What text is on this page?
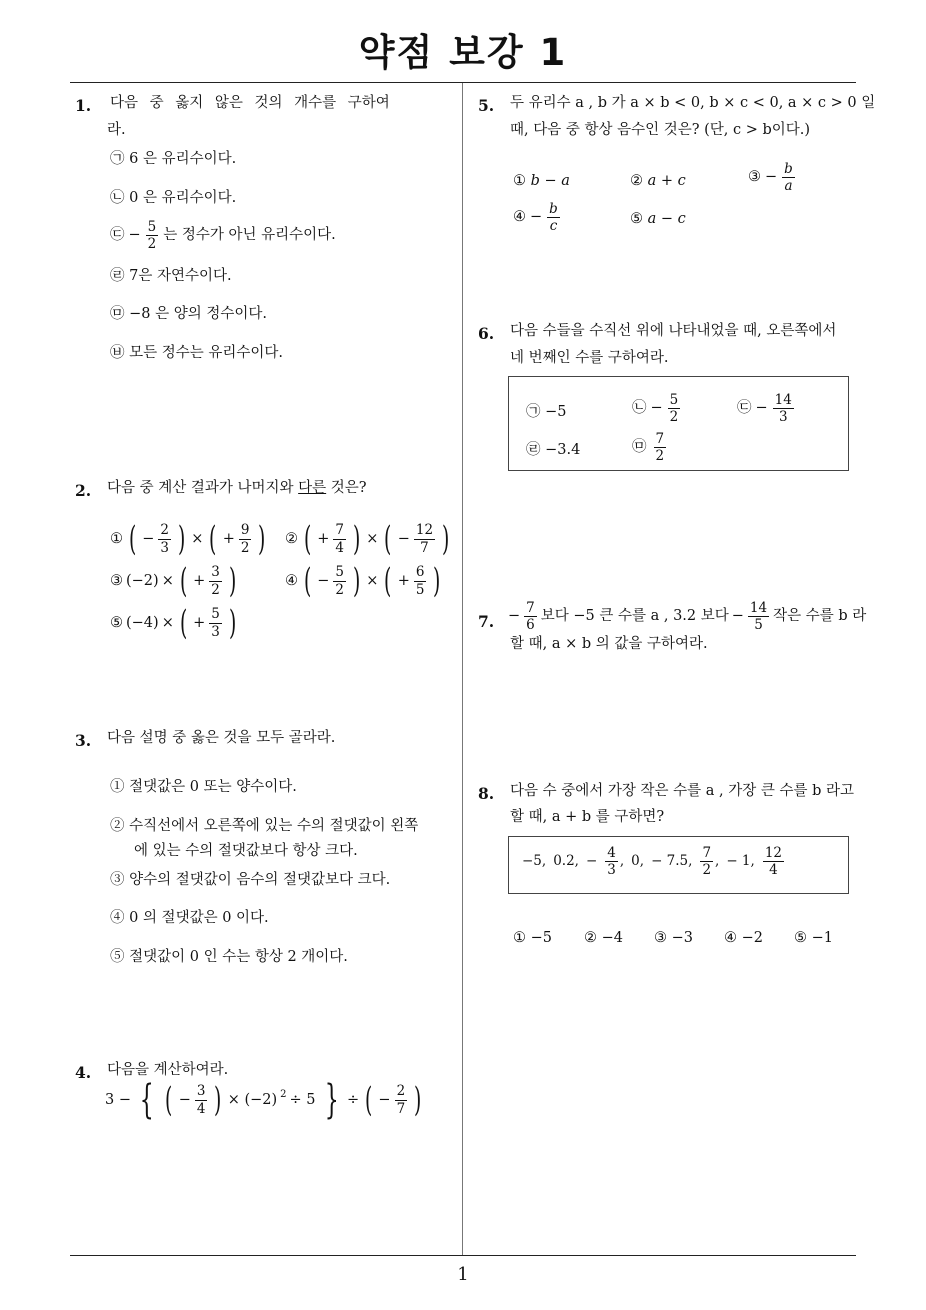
약점 보강 1
1
1. 다음 중 옳지 않은 것의 개수를 구하여
라.
㉠ 6 은 유리수이다.
㉡ 0 은 유리수이다.
㉢ − $\frac{5}{2}$ 는 정수가 아닌 유리수이다.
㉣ 7은 자연수이다.
㉤ −8 은 양의 정수이다.
㉥ 모든 정수는 유리수이다.
2. 다음 중 계산 결과가 나머지와 다른 것은?
① ( − $\frac{2}{3}$ ) × ( + $\frac{9}{2}$ ) ② ( + $\frac{7}{4}$ ) × ( − $\frac{12}{7}$ )
③ (−2) × ( + $\frac{3}{2}$ )	④ ( − $\frac{5}{2}$ ) × ( + $\frac{6}{5}$ )
⑤ (−4) × ( + $\frac{5}{3}$ )
3. 다음 설명 중 옳은 것을 모두 골라라.
① 절댓값은 0 또는 양수이다.
② 수직선에서 오른쪽에 있는 수의 절댓값이 왼쪽
에 있는 수의 절댓값보다 항상 크다.
③ 양수의 절댓값이 음수의 절댓값보다 크다.
④ 0 의 절댓값은 0 이다.
⑤ 절댓값이 0 인 수는 항상 2 개이다.
4. 다음을 계산하여라.
3 − { ( − $\frac{3}{4}$ ) × (−2) $^2$ ÷ 5 } ÷ ( − $\frac{2}{7}$ )
5. 두 유리수 a , b 가 a × b < 0, b × c < 0, a × c > 0 일
때, 다음 중 항상 음수인 것은? (단, c > b이다.)
① b − a	② a + c	③ − $\frac{b}{a}$
④ − $\frac{b}{c}$	⑤ a − c
6. 다음 수들을 수직선 위에 나타내었을 때, 오른쪽에서
네 번째인 수를 구하여라.
㉠ −5	㉡ − $\frac{5}{2}$	㉢ − $\frac{14}{3}$
㉣ −3.4	㉤ $\frac{7}{2}$
7. − $\frac{7}{6}$ 보다 −5 큰 수를 a , 3.2 보다 − $\frac{14}{5}$ 작은 수를 b 라
할 때, a × b 의 값을 구하여라.
8. 다음 수 중에서 가장 작은 수를 a , 가장 큰 수를 b 라고
할 때, a + b 를 구하면?
−5, 0.2, − $\frac{4}{3}$ , 0, − 7.5, $\frac{7}{2}$ , − 1, $\frac{12}{4}$
① −5 ② −4 ③ −3 ④ −2 ⑤ −1
